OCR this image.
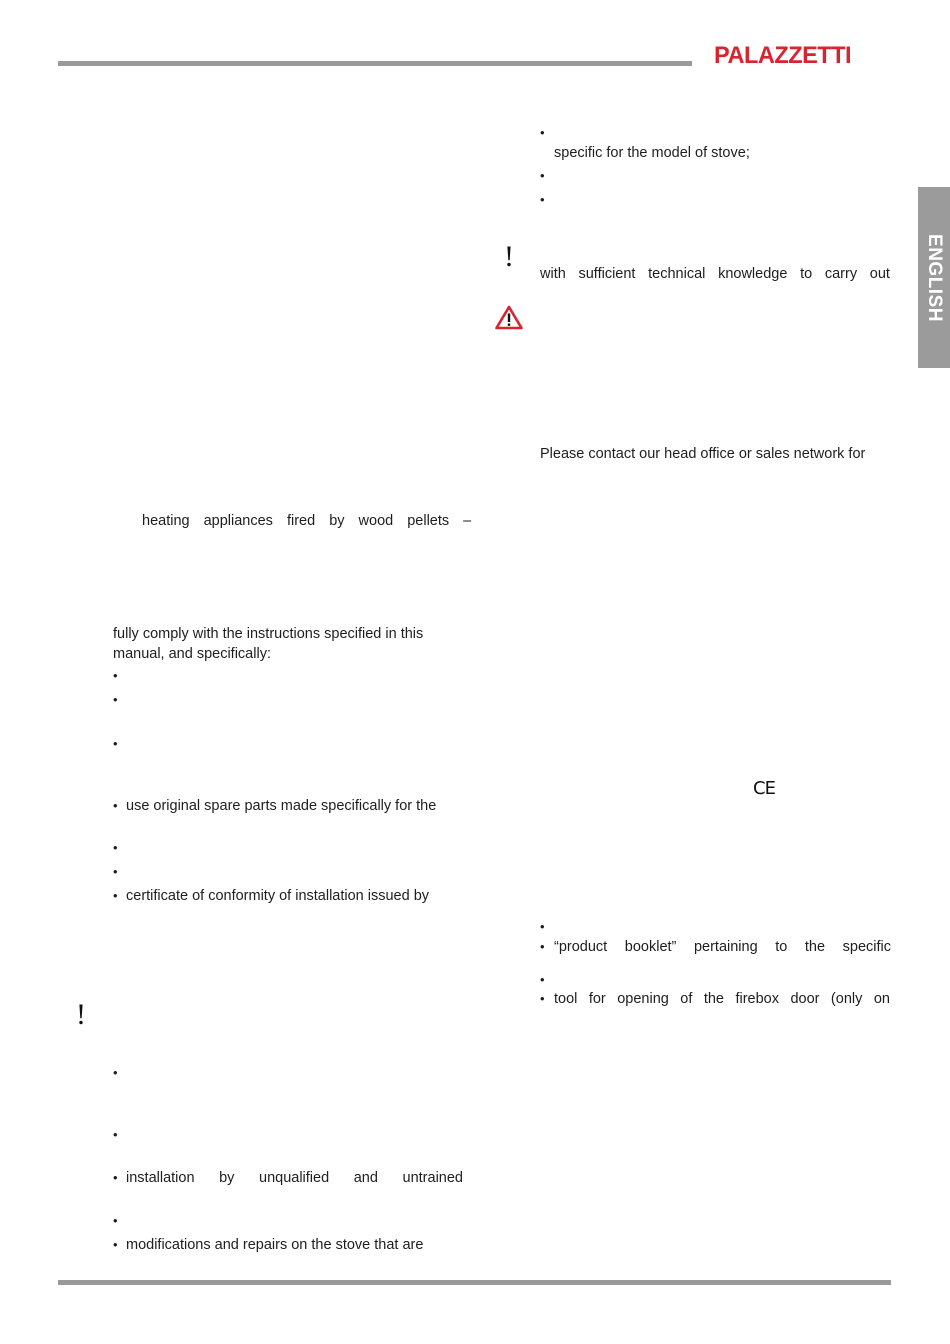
PALAZZETTI
ENGLISH
heating appliances fired by wood pellets –
fully comply with the instructions specified in this
manual, and specifically:
•
•
•
• use original spare parts made specifically for the
•
•
• certificate of conformity of installation issued by
!
•
•
• installation by unqualified and untrained
•
• modifications and repairs on the stove that are
•
specific for the model of stove;
•
•
!
with sufficient technical knowledge to carry out
Please contact our head office or sales network for
CE
•
• “product booklet” pertaining to the specific
•
• tool for opening of the firebox door (only on
